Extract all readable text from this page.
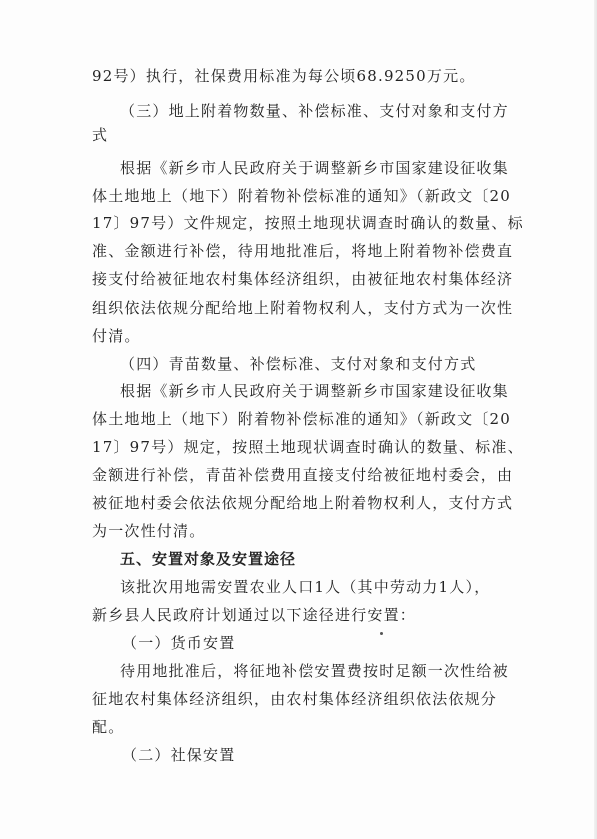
92号）执行，社保费用标准为每公顷68.9250万元。
（三）地上附着物数量、补偿标准、支付对象和支付方
式
根据《新乡市人民政府关于调整新乡市国家建设征收集
体土地地上（地下）附着物补偿标准的通知》（新政文〔20
17〕97号）文件规定，按照土地现状调查时确认的数量、标
准、金额进行补偿，待用地批准后，将地上附着物补偿费直
接支付给被征地农村集体经济组织，由被征地农村集体经济
组织依法依规分配给地上附着物权利人，支付方式为一次性
付清。
（四）青苗数量、补偿标准、支付对象和支付方式
根据《新乡市人民政府关于调整新乡市国家建设征收集
体土地地上（地下）附着物补偿标准的通知》（新政文〔20
17〕97号）规定，按照土地现状调查时确认的数量、标准、
金额进行补偿，青苗补偿费用直接支付给被征地村委会，由
被征地村委会依法依规分配给地上附着物权利人，支付方式
为一次性付清。
五、安置对象及安置途径
该批次用地需安置农业人口1人（其中劳动力1人），
新乡县人民政府计划通过以下途径进行安置：
（一）货币安置
待用地批准后，将征地补偿安置费按时足额一次性给被
征地农村集体经济组织，由农村集体经济组织依法依规分
配。
（二）社保安置
